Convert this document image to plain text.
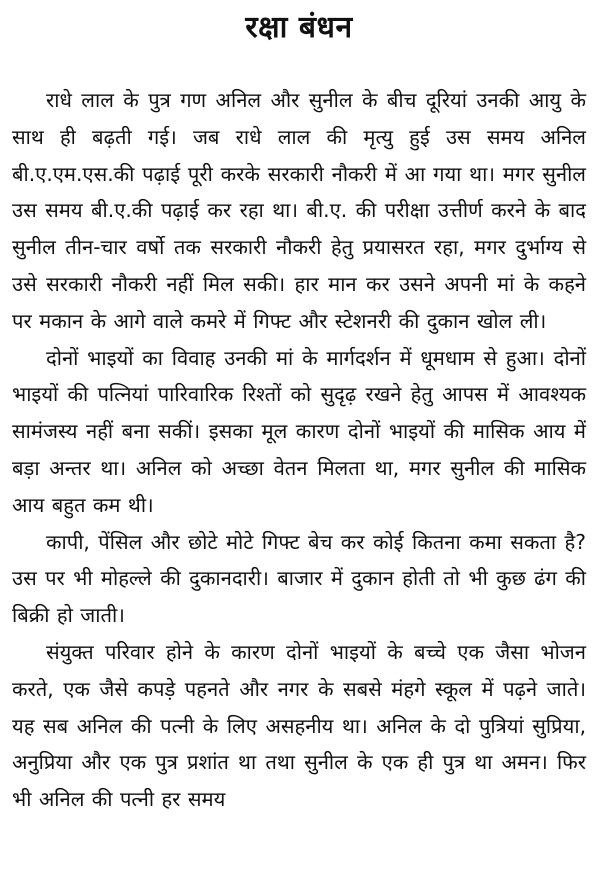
रक्षा बंधन

राधे लाल के पुत्र गण अनिल और सुनील के बीच दूरियां उनकी आयु के साथ ही बढ़ती गई। जब राधे लाल की मृत्यु हुई उस समय अनिल बी.ए.एम.एस.की पढ़ाई पूरी करके सरकारी नौकरी में आ गया था। मगर सुनील उस समय बी.ए.की पढ़ाई कर रहा था। बी.ए. की परीक्षा उत्तीर्ण करने के बाद सुनील तीन-चार वर्षो तक सरकारी नौकरी हेतु प्रयासरत रहा, मगर दुर्भाग्य से उसे सरकारी नौकरी नहीं मिल सकी। हार मान कर उसने अपनी मां के कहने पर मकान के आगे वाले कमरे में गिफ्ट और स्टेशनरी की दुकान खोल ली।

दोनों भाइयों का विवाह उनकी मां के मार्गदर्शन में धूमधाम से हुआ। दोनों भाइयों की पत्नियां पारिवारिक रिश्तों को सुदृढ़ रखने हेतु आपस में आवश्यक सामंजस्य नहीं बना सकीं। इसका मूल कारण दोनों भाइयों की मासिक आय में बड़ा अन्तर था। अनिल को अच्छा वेतन मिलता था, मगर सुनील की मासिक आय बहुत कम थी।

कापी, पेंसिल और छोटे मोटे गिफ्ट बेच कर कोई कितना कमा सकता है? उस पर भी मोहल्ले की दुकानदारी। बाजार में दुकान होती तो भी कुछ ढंग की बिक्री हो जाती।

संयुक्त परिवार होने के कारण दोनों भाइयों के बच्चे एक जैसा भोजन करते, एक जैसे कपड़े पहनते और नगर के सबसे मंहगे स्कूल में पढ़ने जाते। यह सब अनिल की पत्नी के लिए असहनीय था। अनिल के दो पुत्रियां सुप्रिया, अनुप्रिया और एक पुत्र प्रशांत था तथा सुनील के एक ही पुत्र था अमन। फिर भी अनिल की पत्नी हर समय
